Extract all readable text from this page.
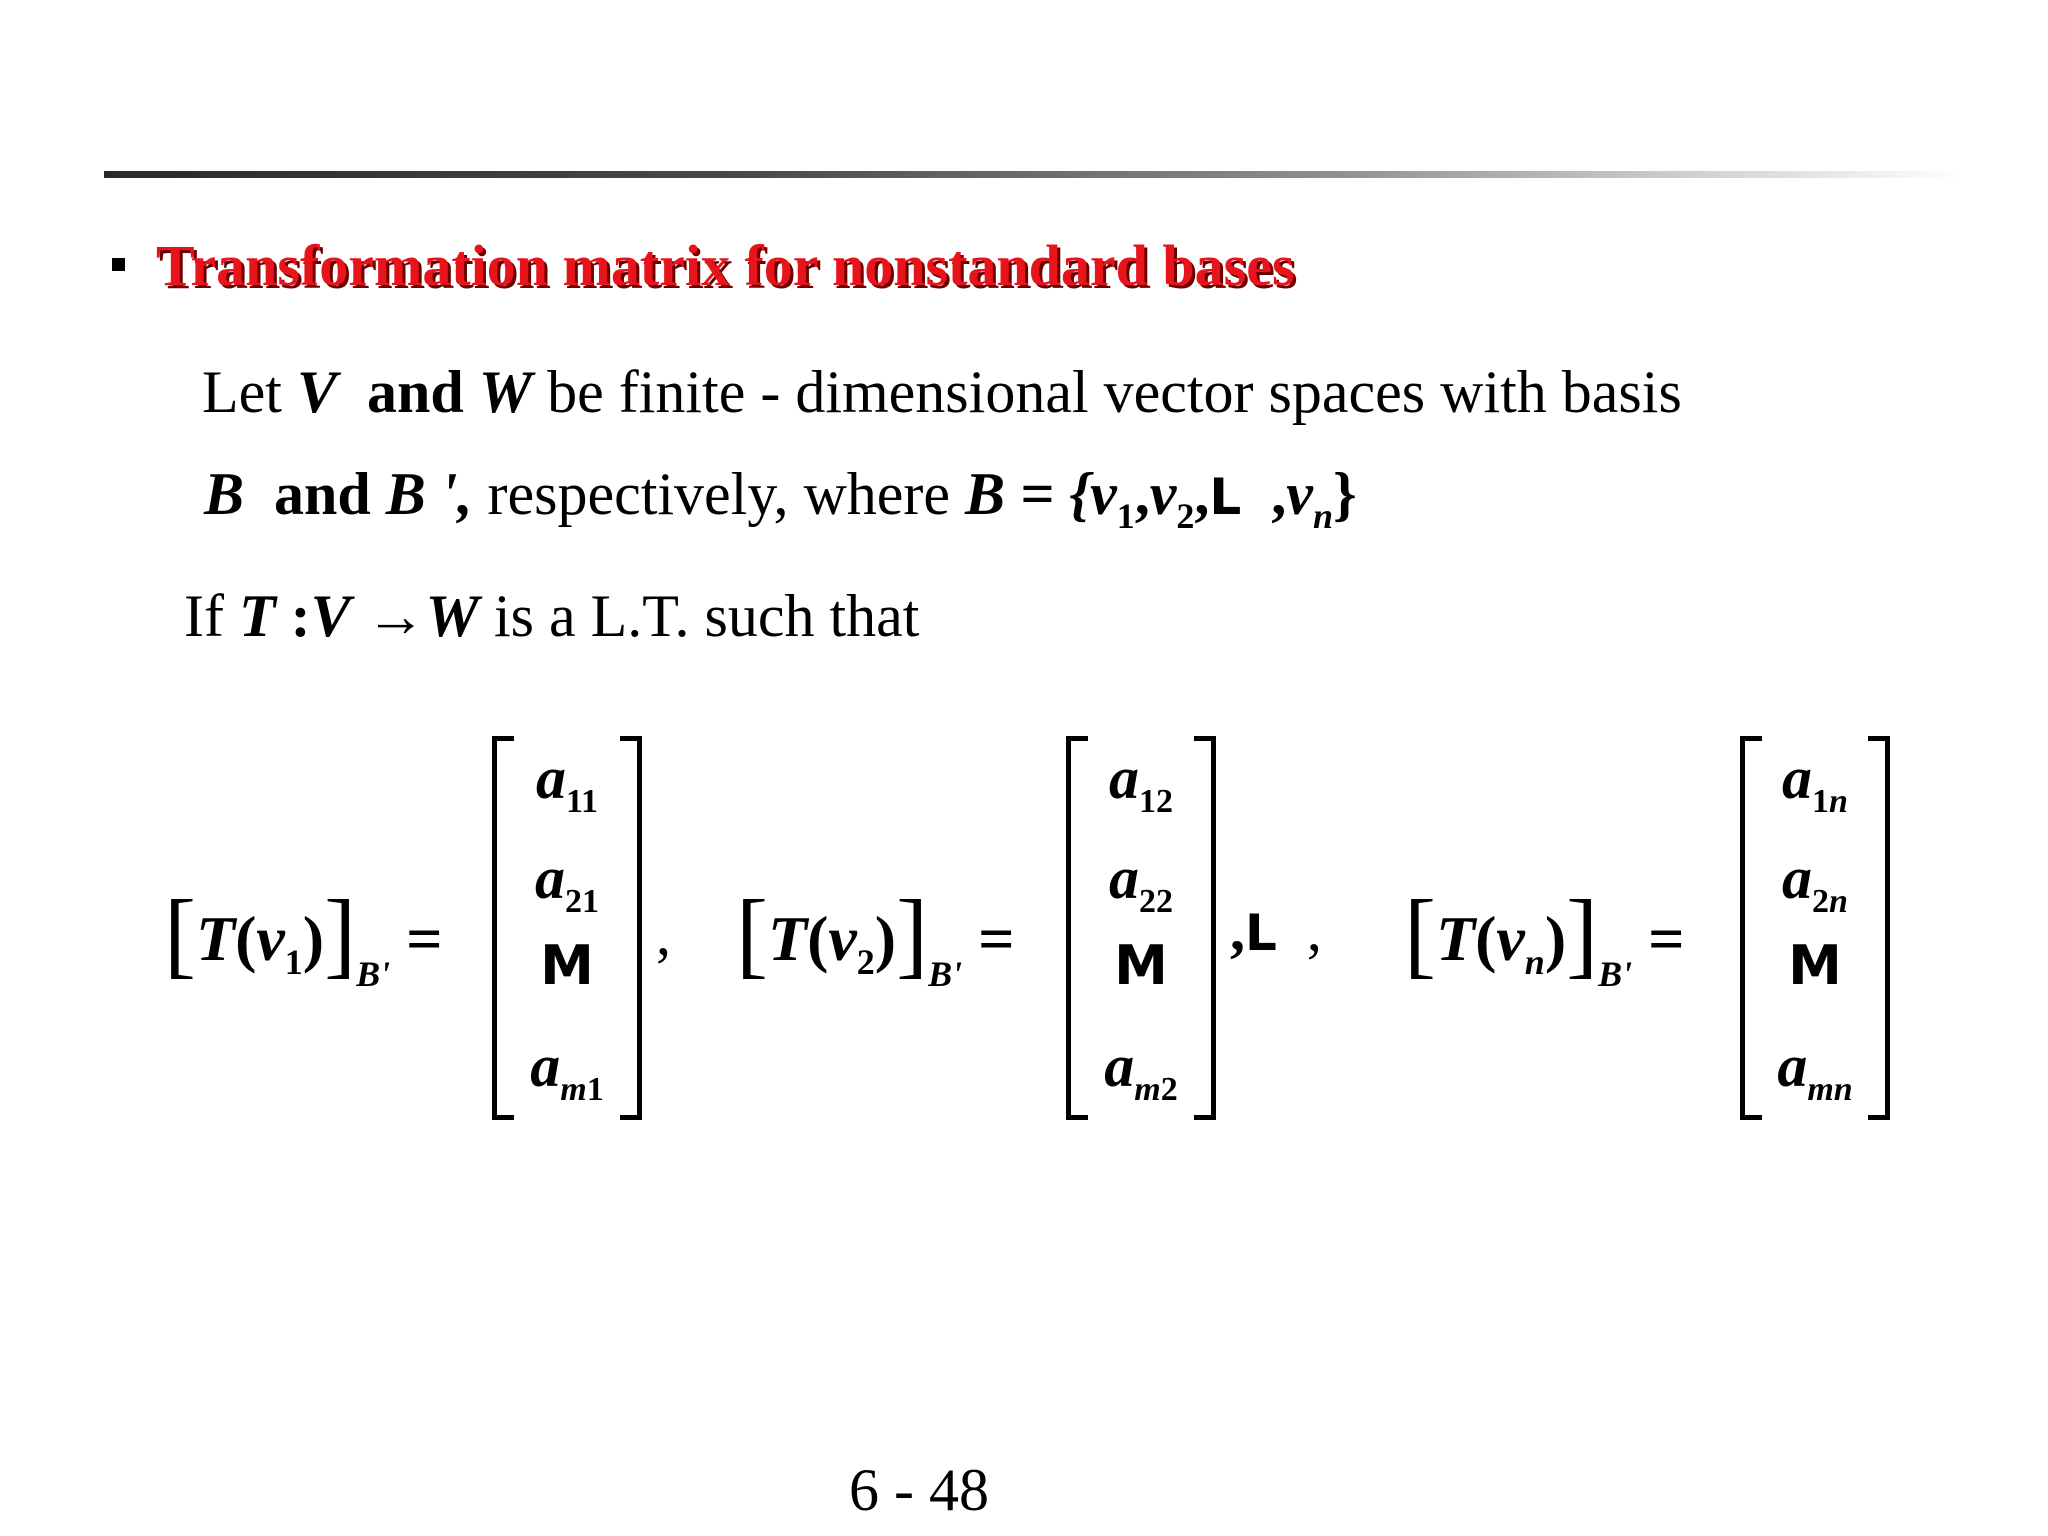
Transformation matrix for nonstandard bases
Let V and W be finite - dimensional vector spaces with basis
B and B ', respectively, where $B = \{v_1,v_2,L$ $,v_n$}
If T :V →W is a L.T. such that
$[T(v_1)]_{B'}$ =
$a_{11}$
$a_{21}$
M
$a_{m1}$
, $[T(v_2)]_{B'}$ =
$a_{12}$
$a_{22}$
M
$a_{m2}$
,L , $[T(v_n)]_{B'}$ =
$a_{1n}$
$a_{2n}$
M
$a_{mn}$
6 - 48
